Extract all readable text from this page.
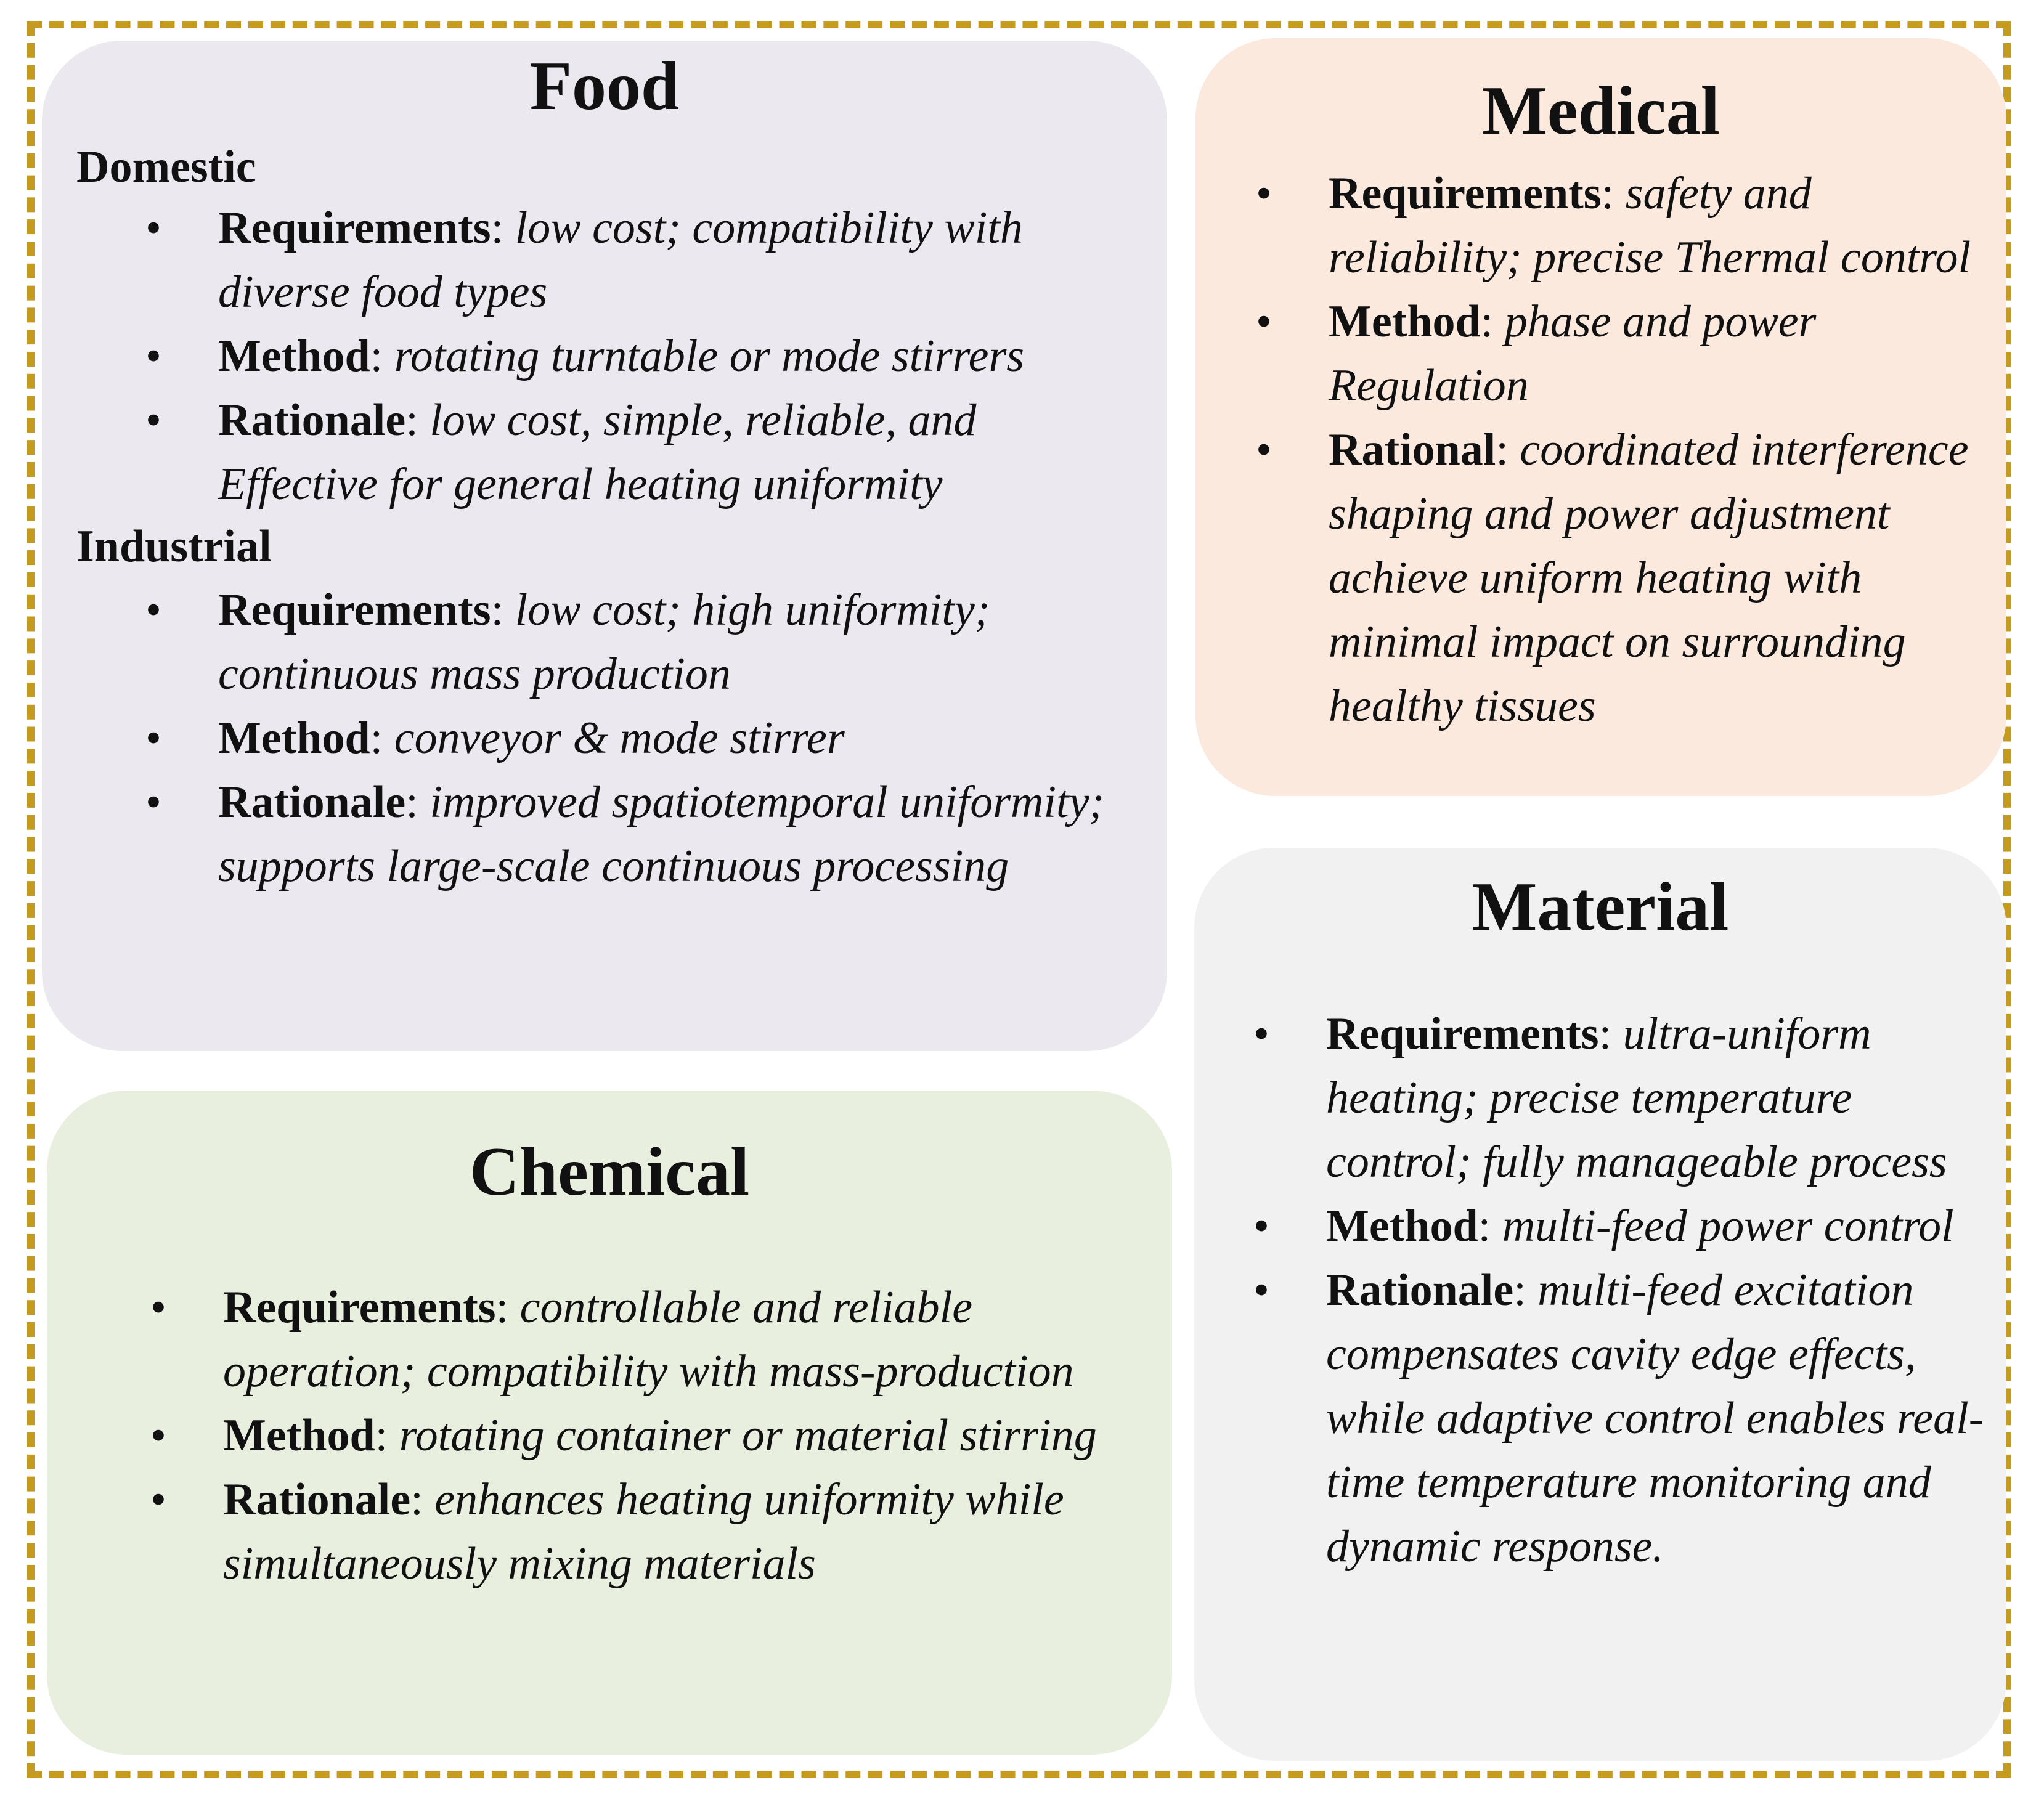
Food
Domestic
• Requirements: low cost; compatibility with diverse food types
• Method: rotating turntable or mode stirrers
• Rationale: low cost, simple, reliable, and Effective for general heating uniformity
Industrial
• Requirements: low cost; high uniformity; continuous mass production
• Method: conveyor & mode stirrer
• Rationale: improved spatiotemporal uniformity; supports large-scale continuous processing
Medical
• Requirements: safety and reliability; precise Thermal control
• Method: phase and power Regulation
• Rational: coordinated interference shaping and power adjustment achieve uniform heating with minimal impact on surrounding healthy tissues
Material
• Requirements: ultra-uniform heating; precise temperature control; fully manageable process
• Method: multi-feed power control
• Rationale: multi-feed excitation compensates cavity edge effects, while adaptive control enables real-time temperature monitoring and dynamic response.
Chemical
• Requirements: controllable and reliable operation; compatibility with mass-production
• Method: rotating container or material stirring
• Rationale: enhances heating uniformity while simultaneously mixing materials
